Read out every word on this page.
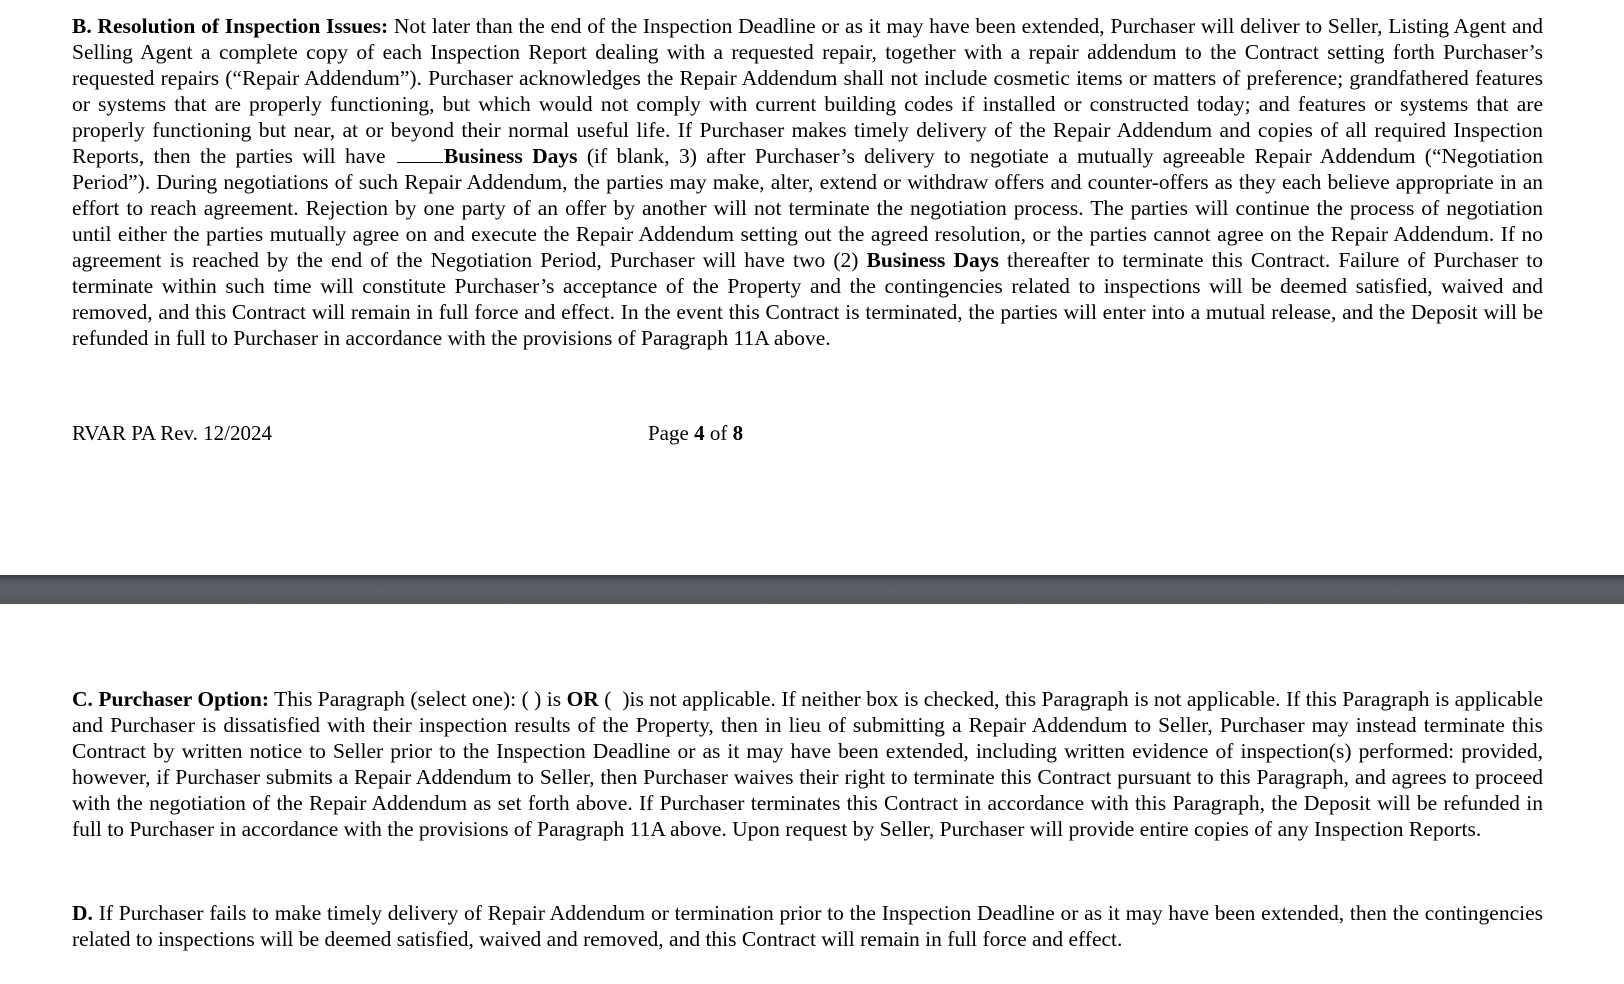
B. Resolution of Inspection Issues: Not later than the end of the Inspection Deadline or as it may have been extended, Purchaser will deliver to Seller, Listing Agent and Selling Agent a complete copy of each Inspection Report dealing with a requested repair, together with a repair addendum to the Contract setting forth Purchaser’s requested repairs (“Repair Addendum”). Purchaser acknowledges the Repair Addendum shall not include cosmetic items or matters of preference; grandfathered features or systems that are properly functioning, but which would not comply with current building codes if installed or constructed today; and features or systems that are properly functioning but near, at or beyond their normal useful life. If Purchaser makes timely delivery of the Repair Addendum and copies of all required Inspection Reports, then the parties will have Business Days (if blank, 3) after Purchaser’s delivery to negotiate a mutually agreeable Repair Addendum (“Negotiation Period”). During negotiations of such Repair Addendum, the parties may make, alter, extend or withdraw offers and counter-offers as they each believe appropriate in an effort to reach agreement. Rejection by one party of an offer by another will not terminate the negotiation process. The parties will continue the process of negotiation until either the parties mutually agree on and execute the Repair Addendum setting out the agreed resolution, or the parties cannot agree on the Repair Addendum. If no agreement is reached by the end of the Negotiation Period, Purchaser will have two (2) Business Days thereafter to terminate this Contract. Failure of Purchaser to terminate within such time will constitute Purchaser’s acceptance of the Property and the contingencies related to inspections will be deemed satisfied, waived and removed, and this Contract will remain in full force and effect. In the event this Contract is terminated, the parties will enter into a mutual release, and the Deposit will be refunded in full to Purchaser in accordance with the provisions of Paragraph 11A above.

RVAR PA Rev. 12/2024	Page 4 of 8

C. Purchaser Option: This Paragraph (select one): ( ) is OR (  )is not applicable. If neither box is checked, this Paragraph is not applicable. If this Paragraph is applicable and Purchaser is dissatisfied with their inspection results of the Property, then in lieu of submitting a Repair Addendum to Seller, Purchaser may instead terminate this Contract by written notice to Seller prior to the Inspection Deadline or as it may have been extended, including written evidence of inspection(s) performed: provided, however, if Purchaser submits a Repair Addendum to Seller, then Purchaser waives their right to terminate this Contract pursuant to this Paragraph, and agrees to proceed with the negotiation of the Repair Addendum as set forth above. If Purchaser terminates this Contract in accordance with this Paragraph, the Deposit will be refunded in full to Purchaser in accordance with the provisions of Paragraph 11A above. Upon request by Seller, Purchaser will provide entire copies of any Inspection Reports.

D. If Purchaser fails to make timely delivery of Repair Addendum or termination prior to the Inspection Deadline or as it may have been extended, then the contingencies related to inspections will be deemed satisfied, waived and removed, and this Contract will remain in full force and effect.
